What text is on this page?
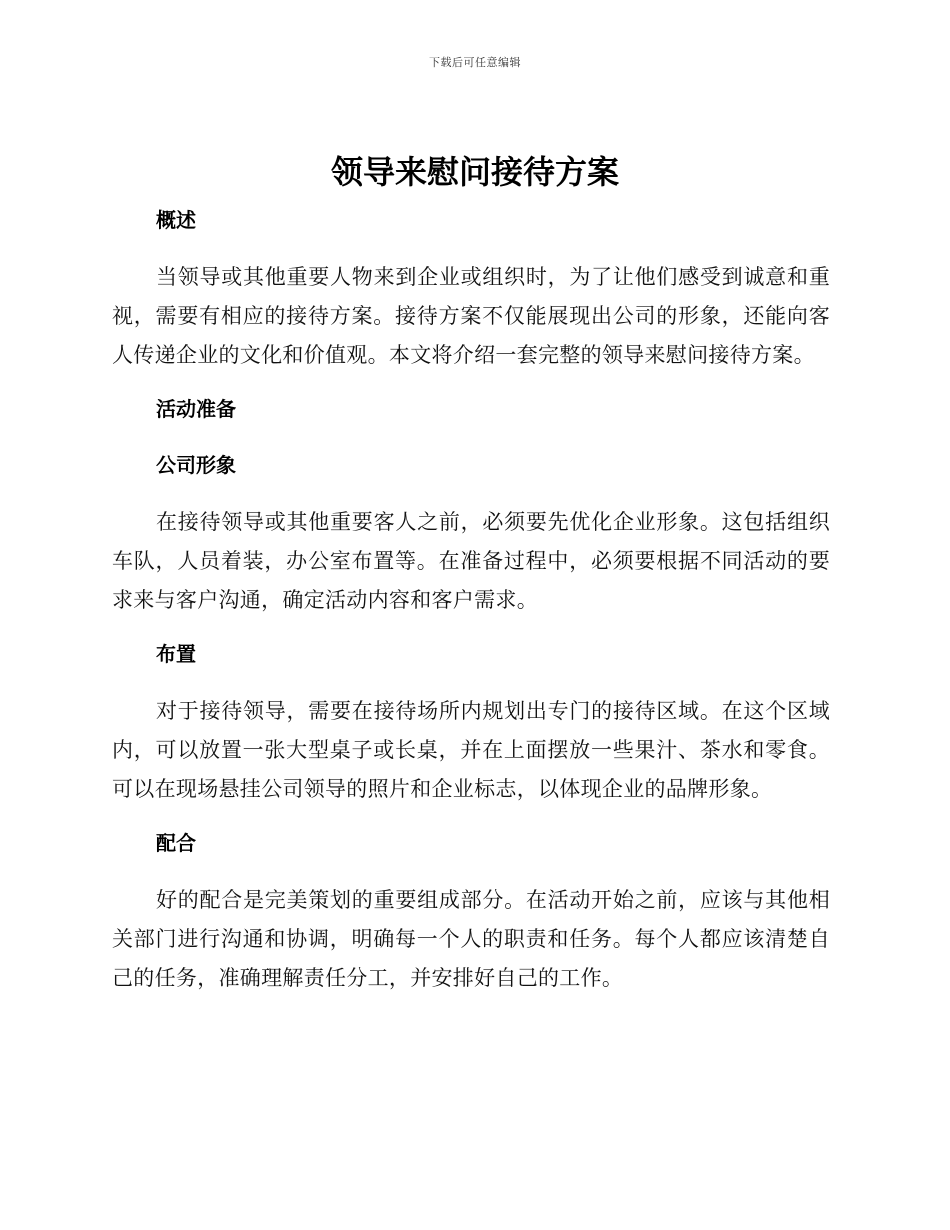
下载后可任意编辑
领导来慰问接待方案
概述

当领导或其他重要人物来到企业或组织时，为了让他们感受到诚意和重视，需要有相应的接待方案。接待方案不仅能展现出公司的形象，还能向客人传递企业的文化和价值观。本文将介绍一套完整的领导来慰问接待方案。

活动准备
公司形象

在接待领导或其他重要客人之前，必须要先优化企业形象。这包括组织车队，人员着装，办公室布置等。在准备过程中，必须要根据不同活动的要求来与客户沟通，确定活动内容和客户需求。

布置

对于接待领导，需要在接待场所内规划出专门的接待区域。在这个区域内，可以放置一张大型桌子或长桌，并在上面摆放一些果汁、茶水和零食。可以在现场悬挂公司领导的照片和企业标志，以体现企业的品牌形象。

配合

好的配合是完美策划的重要组成部分。在活动开始之前，应该与其他相关部门进行沟通和协调，明确每一个人的职责和任务。每个人都应该清楚自己的任务，准确理解责任分工，并安排好自己的工作。
